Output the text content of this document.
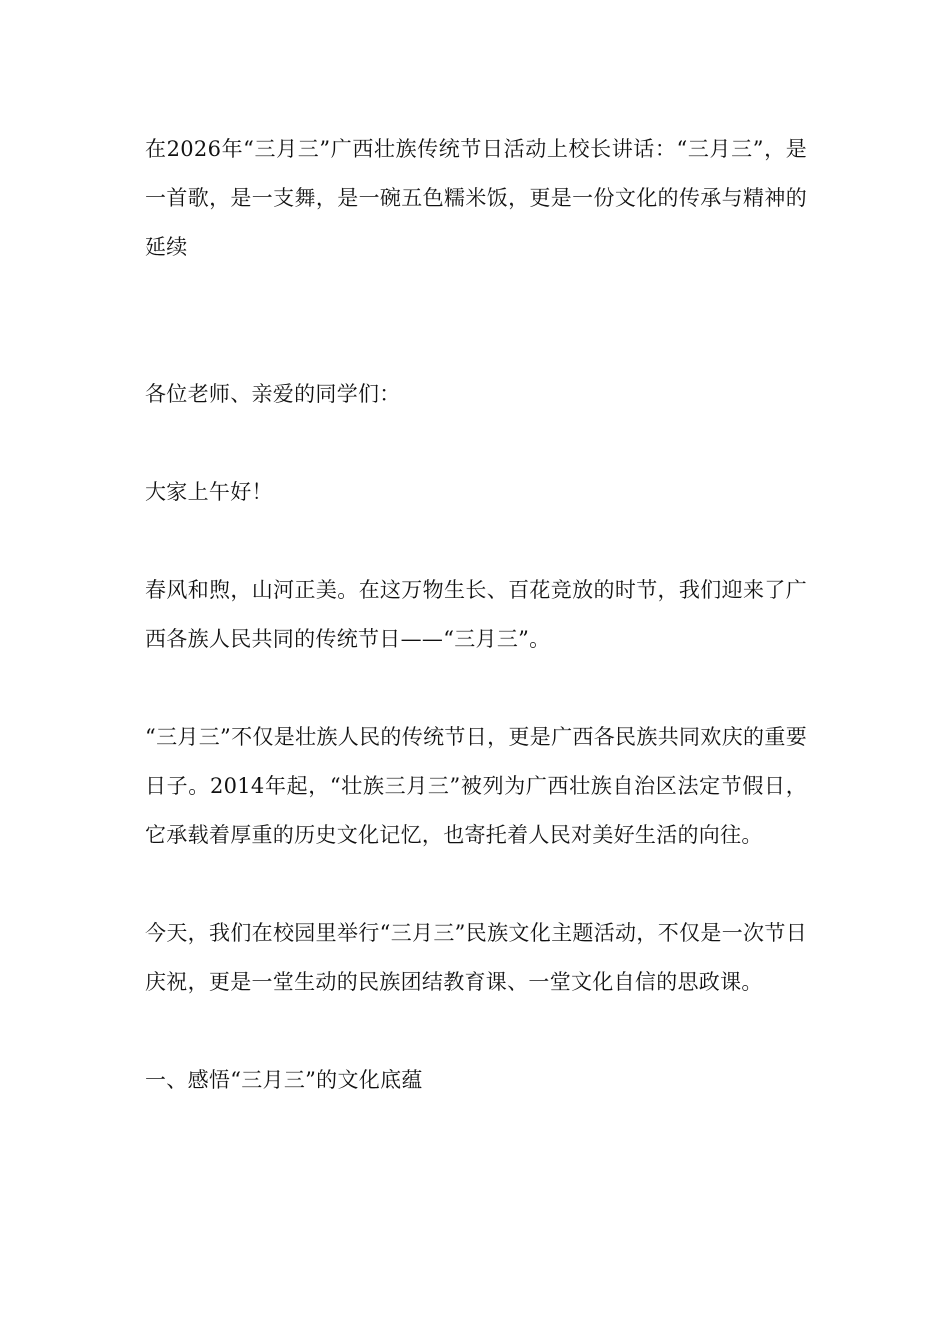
在2026年“三月三”广西壮族传统节日活动上校长讲话：“三月三”，是一首歌，是一支舞，是一碗五色糯米饭，更是一份文化的传承与精神的延续

各位老师、亲爱的同学们：

大家上午好！

春风和煦，山河正美。在这万物生长、百花竞放的时节，我们迎来了广西各族人民共同的传统节日——“三月三”。

“三月三”不仅是壮族人民的传统节日，更是广西各民族共同欢庆的重要日子。2014年起，“壮族三月三”被列为广西壮族自治区法定节假日，它承载着厚重的历史文化记忆，也寄托着人民对美好生活的向往。

今天，我们在校园里举行“三月三”民族文化主题活动，不仅是一次节日庆祝，更是一堂生动的民族团结教育课、一堂文化自信的思政课。

一、感悟“三月三”的文化底蕴
